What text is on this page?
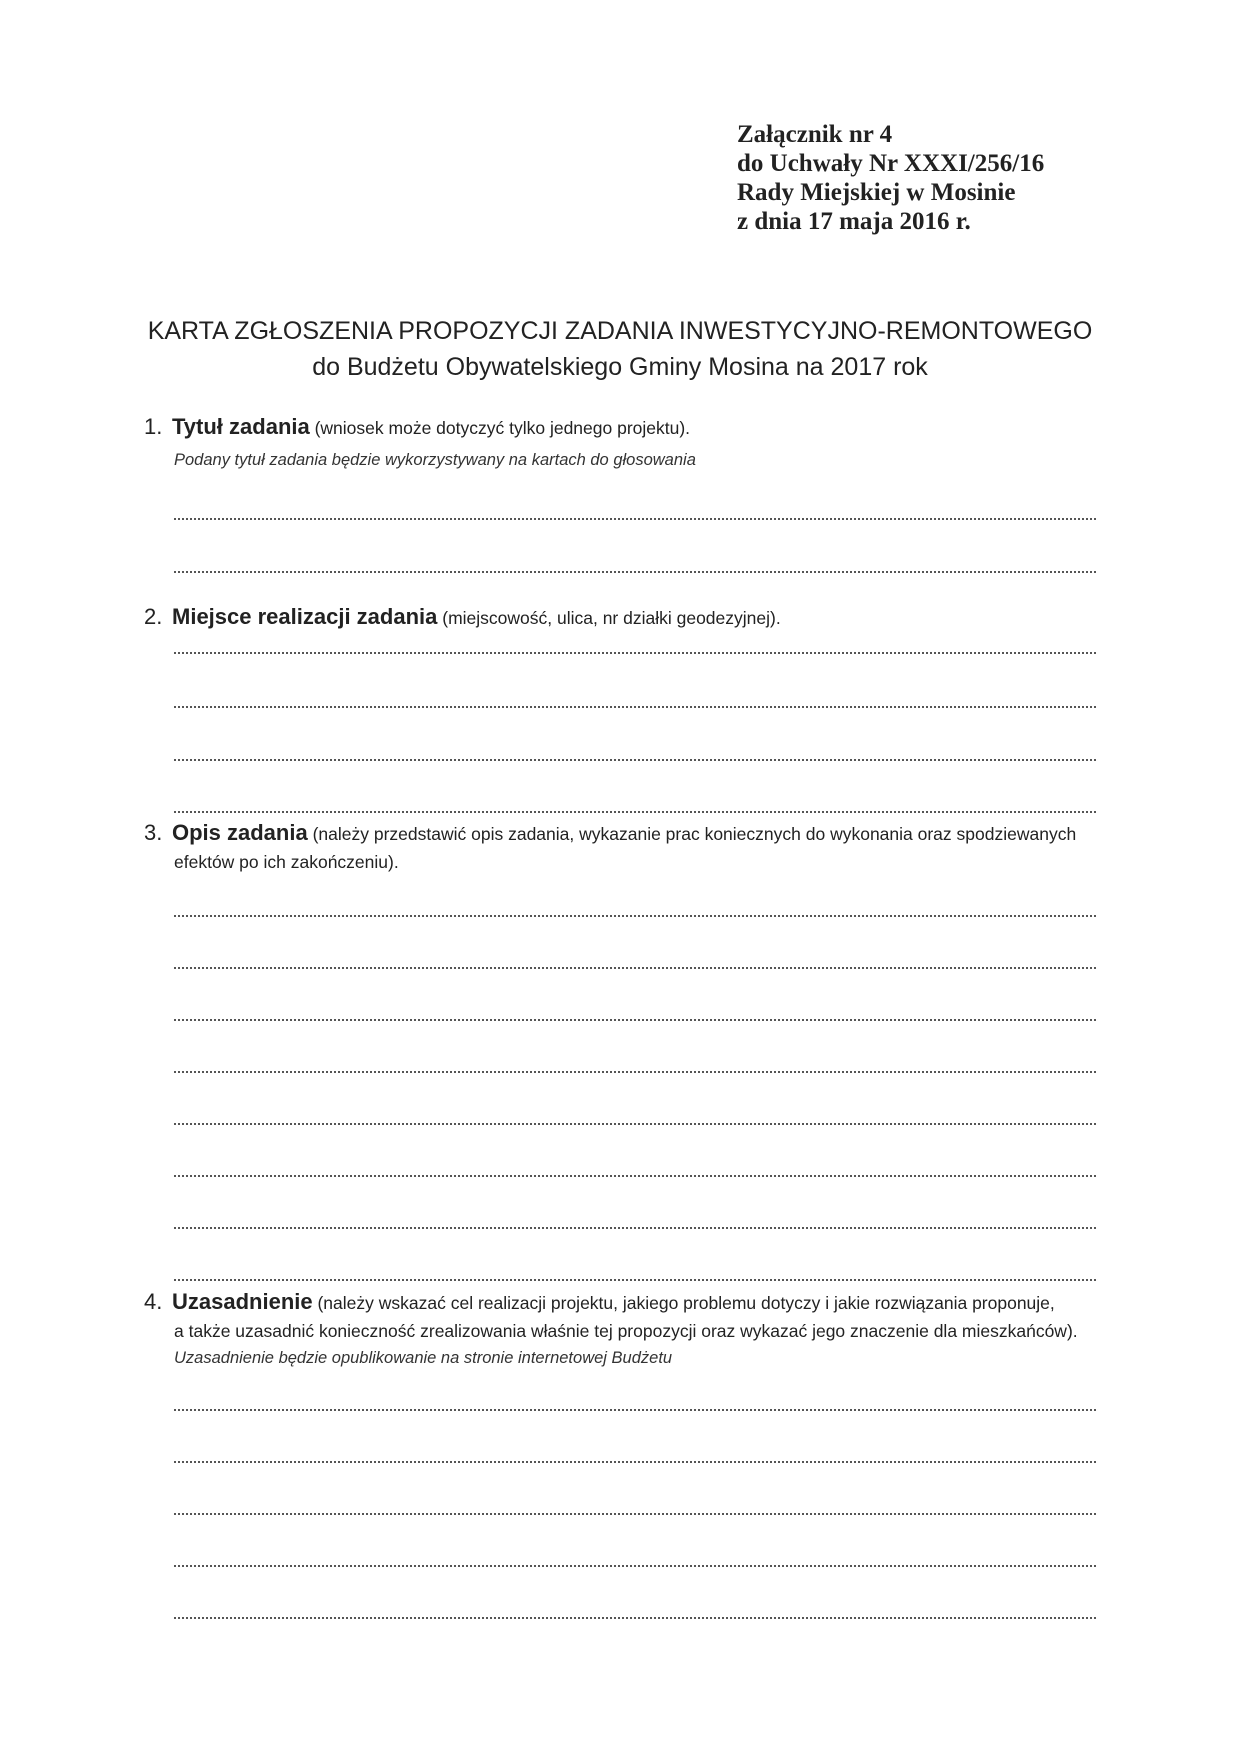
Załącznik nr 4
do Uchwały Nr XXXI/256/16
Rady Miejskiej w Mosinie
z dnia 17 maja 2016 r.
KARTA ZGŁOSZENIA PROPOZYCJI ZADANIA INWESTYCYJNO-REMONTOWEGO
do Budżetu Obywatelskiego Gminy Mosina na 2017 rok
1. Tytuł zadania (wniosek może dotyczyć tylko jednego projektu).
Podany tytuł zadania będzie wykorzystywany na kartach do głosowania
2. Miejsce realizacji zadania (miejscowość, ulica, nr działki geodezyjnej).
3. Opis zadania (należy przedstawić opis zadania, wykazanie prac koniecznych do wykonania oraz spodziewanych
efektów po ich zakończeniu).
4. Uzasadnienie (należy wskazać cel realizacji projektu, jakiego problemu dotyczy i jakie rozwiązania proponuje,
a także uzasadnić konieczność zrealizowania właśnie tej propozycji oraz wykazać jego znaczenie dla mieszkańców).
Uzasadnienie będzie opublikowanie na stronie internetowej Budżetu
